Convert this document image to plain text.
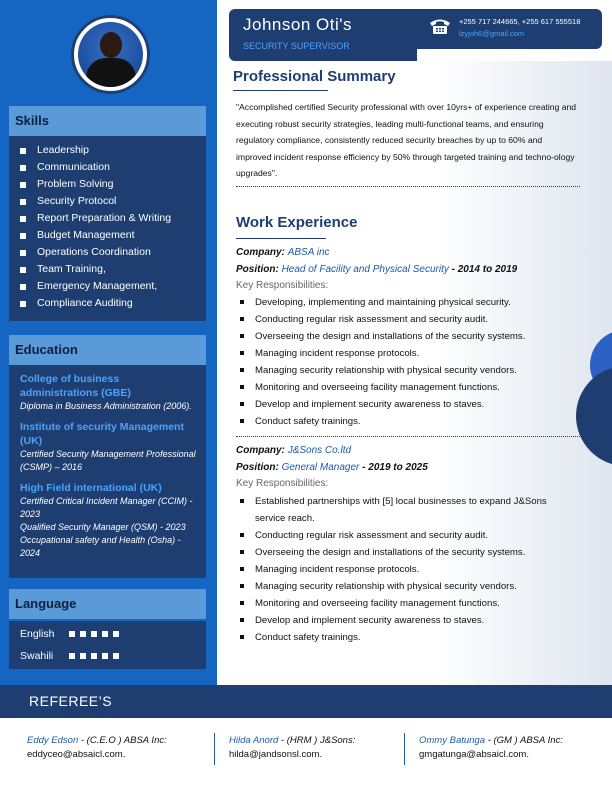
Skills
Leadership
Communication
Problem Solving
Security Protocol
Report Preparation & Writing
Budget Management
Operations Coordination
Team Training,
Emergency Management,
Compliance Auditing
Education
College of business administrations (GBE)
Diploma in Business Administration (2006).
Institute of security Management (UK)
Certified Security Management Professional (CSMP) – 2016
High Field international (UK)
Certified Critical Incident Manager (CCIM) - 2023
Qualified Security Manager (QSM) - 2023
Occupational safety and Health (Osha) - 2024
Language
English
Swahili
Johnson Oti's
SECURITY SUPERVISOR
+255 717 244665, +255 617 555518
lzyjoh6@gmail.com
Professional Summary
"Accomplished certified Security professional with over 10yrs+ of experience creating and executing robust security strategies, leading multi-functional teams, and ensuring regulatory compliance, consistently reduced security breaches by up to 60% and improved incident response efficiency by 50% through targeted training and techno-ology upgrades".
Work Experience
Company: ABSA inc
Position: Head of Facility and Physical Security - 2014 to 2019
Key Responsibilities:
Developing, implementing and maintaining physical security.
Conducting regular risk assessment and security audit.
Overseeing the design and installations of the security systems.
Managing incident response protocols.
Managing security relationship with physical security vendors.
Monitoring and overseeing facility management functions.
Develop and implement security awareness to staves.
Conduct safety trainings.
Company: J&Sons Co.ltd
Position: General Manager - 2019 to 2025
Key Responsibilities:
Established partnerships with [5] local businesses to expand J&Sons service reach.
Conducting regular risk assessment and security audit.
Overseeing the design and installations of the security systems.
Managing incident response protocols.
Managing security relationship with physical security vendors.
Monitoring and overseeing facility management functions.
Develop and implement security awareness to staves.
Conduct safety trainings.
REFEREE’S
Eddy Edson - (C.E.O ) ABSA Inc:
eddyceo@absaicl.com.
Hilda Anord - (HRM ) J&Sons:
hilda@jandsonsl.com.
Ommy Batunga - (GM ) ABSA Inc:
gmgatunga@absaicl.com.
